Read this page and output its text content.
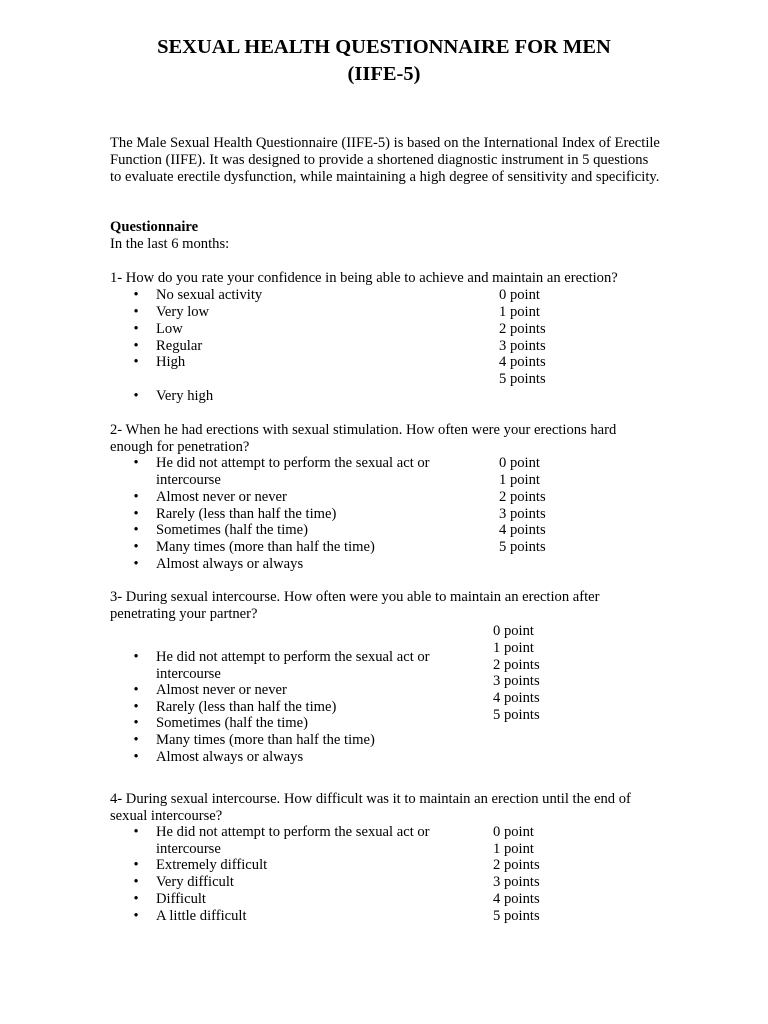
SEXUAL HEALTH QUESTIONNAIRE FOR MEN
(IIFE-5)

The Male Sexual Health Questionnaire (IIFE-5) is based on the International Index of Erectile Function (IIFE). It was designed to provide a shortened diagnostic instrument in 5 questions to evaluate erectile dysfunction, while maintaining a high degree of sensitivity and specificity.

Questionnaire
In the last 6 months:
1- How do you rate your confidence in being able to achieve and maintain an erection?
•
No sexual activity
•
Very low
•
Low
•
Regular
•
High
•
Very high
0 point
1 point
2 points
3 points
4 points
5 points

2- When he had erections with sexual stimulation. How often were your erections hard enough for penetration?

•
He did not attempt to perform the sexual act or intercourse
•
Almost never or never
•
Rarely (less than half the time)
•
Sometimes (half the time)
•
Many times (more than half the time)
•
Almost always or always
0 point
1 point
2 points
3 points
4 points
5 points

3- During sexual intercourse. How often were you able to maintain an erection after penetrating your partner?

0 point
1 point
2 points
3 points
4 points
5 points
•
He did not attempt to perform the sexual act or intercourse
•
Almost never or never
•
Rarely (less than half the time)
•
Sometimes (half the time)
•
Many times (more than half the time)
•
Almost always or always

4- During sexual intercourse. How difficult was it to maintain an erection until the end of sexual intercourse?

•
He did not attempt to perform the sexual act or intercourse
•
Extremely difficult
•
Very difficult
•
Difficult
•
A little difficult
0 point
1 point
2 points
3 points
4 points
5 points
